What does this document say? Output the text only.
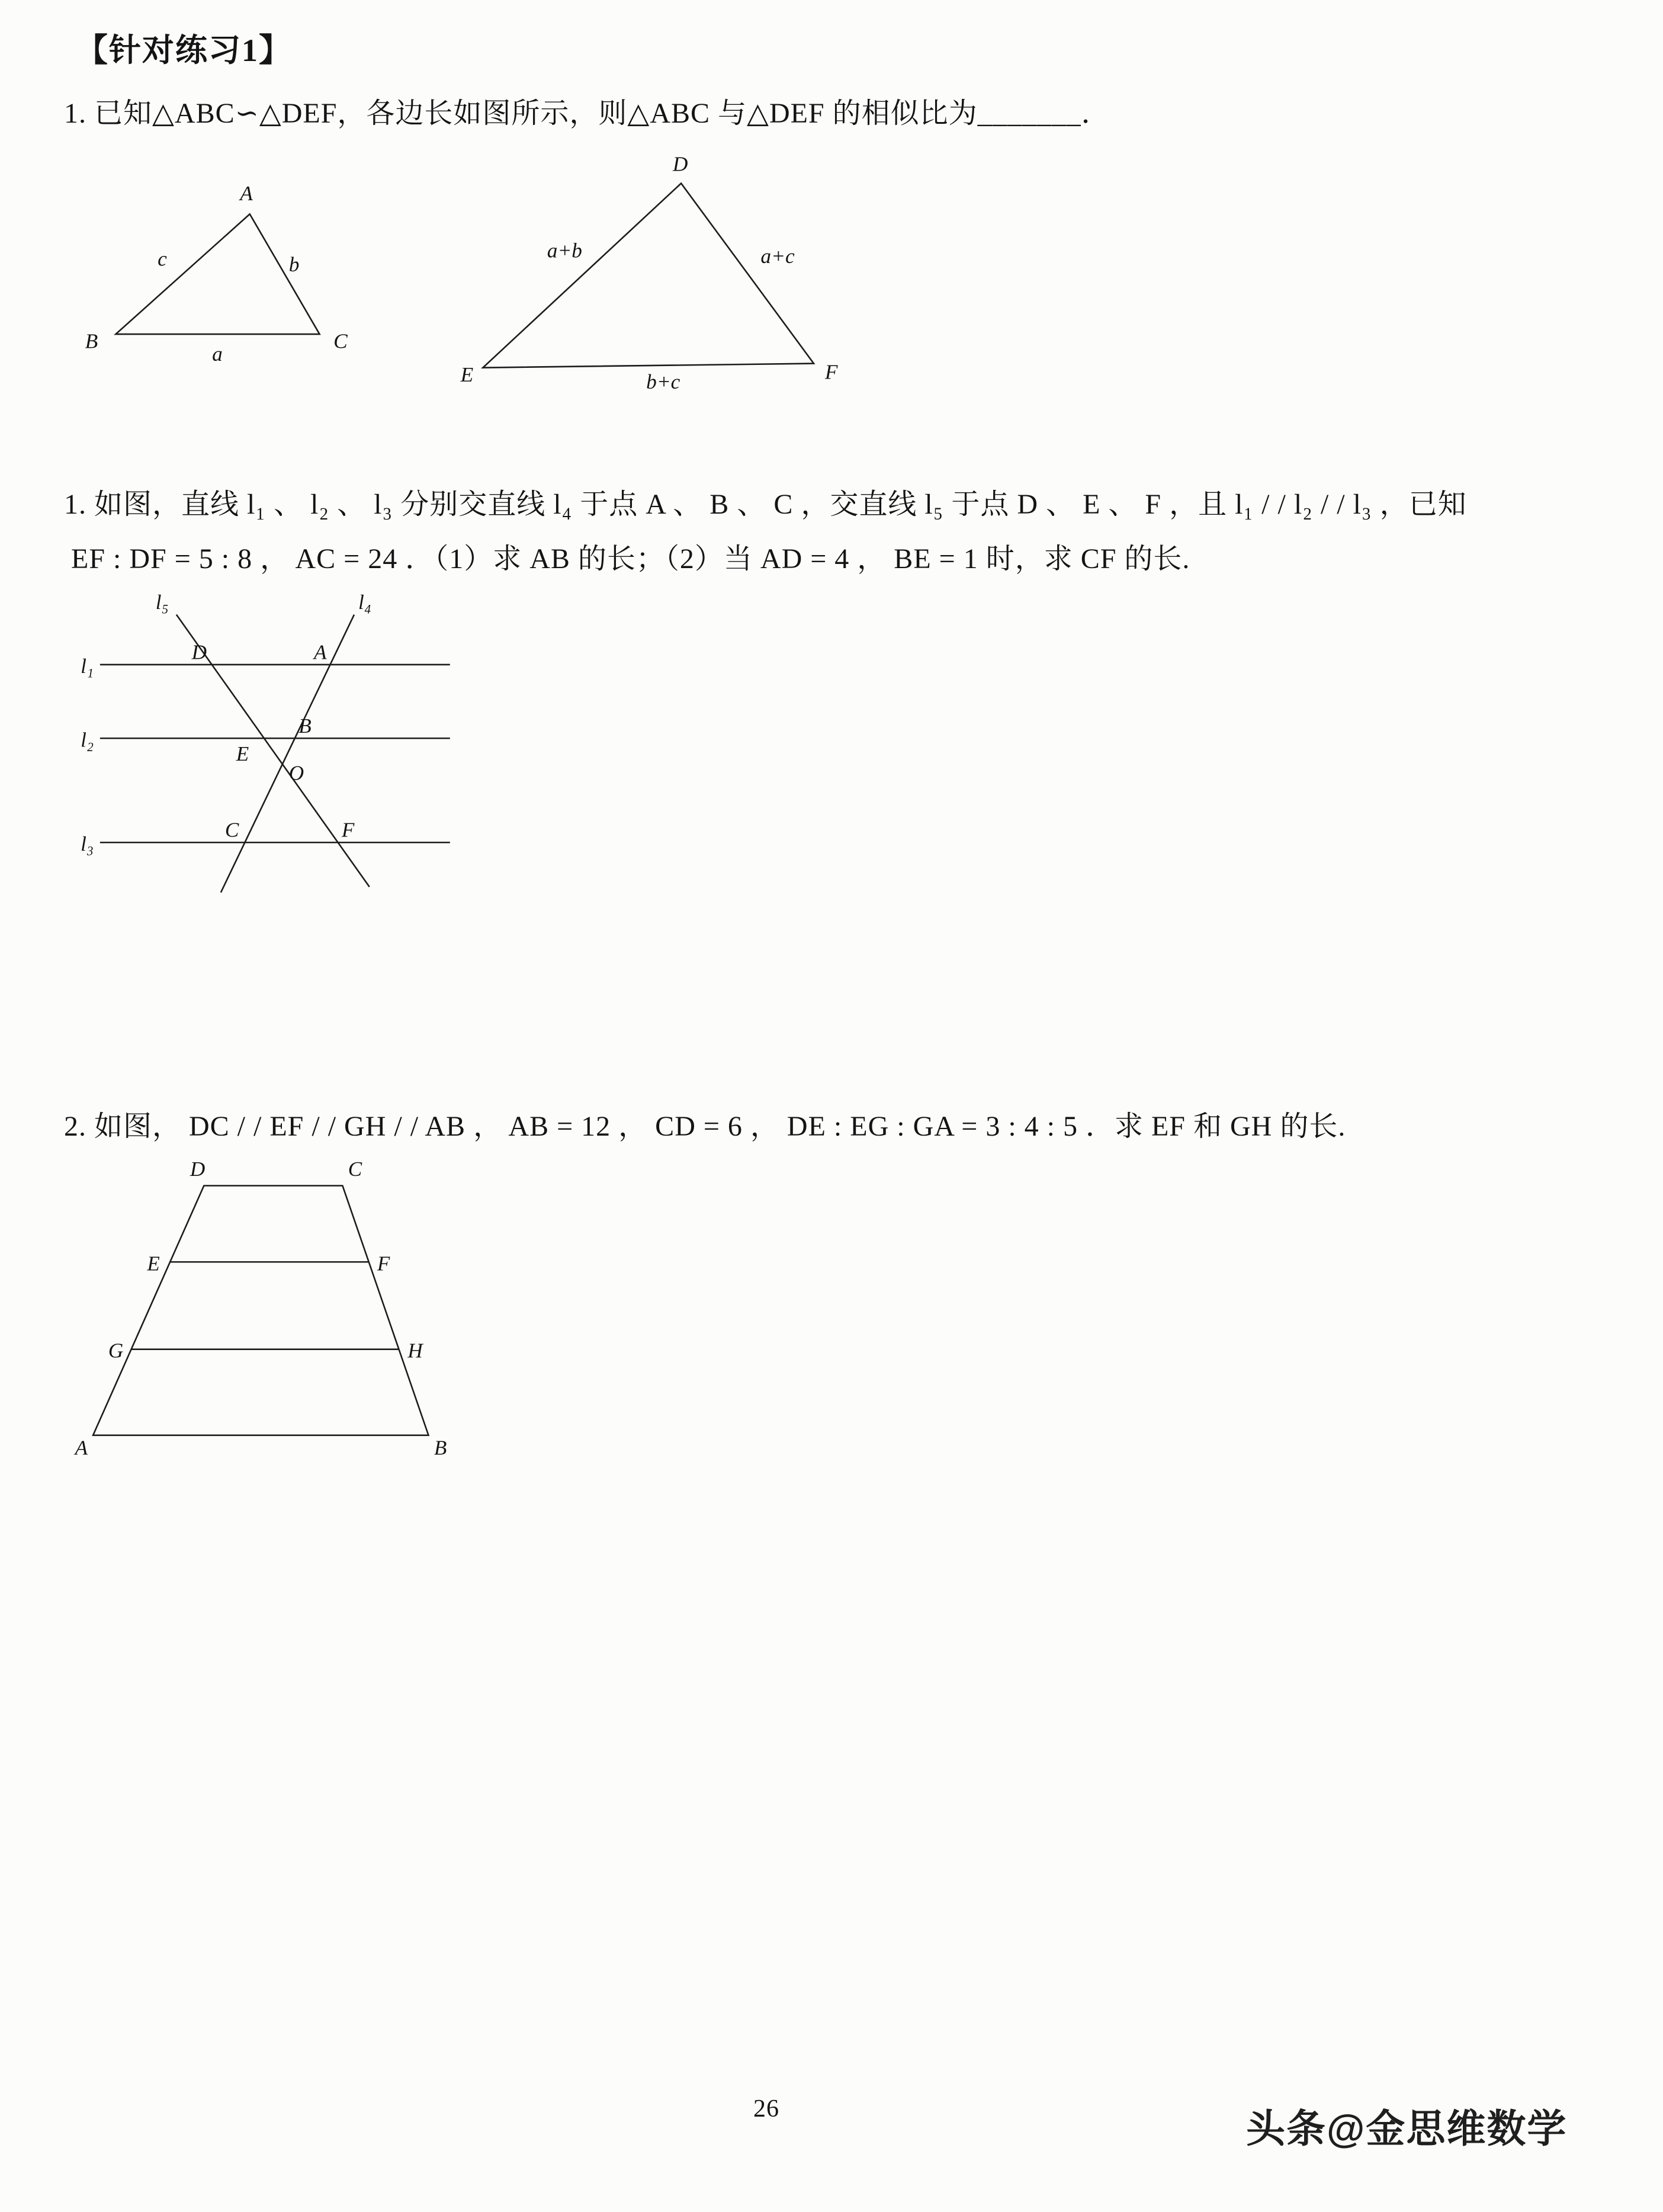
【针对练习1】
1. 已知△ABC∽△DEF，各边长如图所示，则△ABC 与△DEF 的相似比为_______．
A
B	C
c	b
a
D
E	F
a+b	a+c
b+c
1. 如图，直线 l₁ 、 l₂ 、 l₃ 分别交直线 l₄ 于点 A 、 B 、 C ，交直线 l₅ 于点 D 、 E 、 F ，且 l₁ / / l₂ / / l₃ ，已知
EF : DF = 5 : 8 ， AC = 24 ．（1）求 AB 的长；（2）当 AD = 4 ， BE = 1 时，求 CF 的长.
l₅	l₄
l₁
l₂
l₃
D	A
B
E
O
C	F
2. 如图， DC / / EF / / GH / / AB ， AB = 12 ， CD = 6 ， DE : EG : GA = 3 : 4 : 5 ．求 EF 和 GH 的长.
D	C
E	F
G	H
A	B
26	头条@金思维数学
